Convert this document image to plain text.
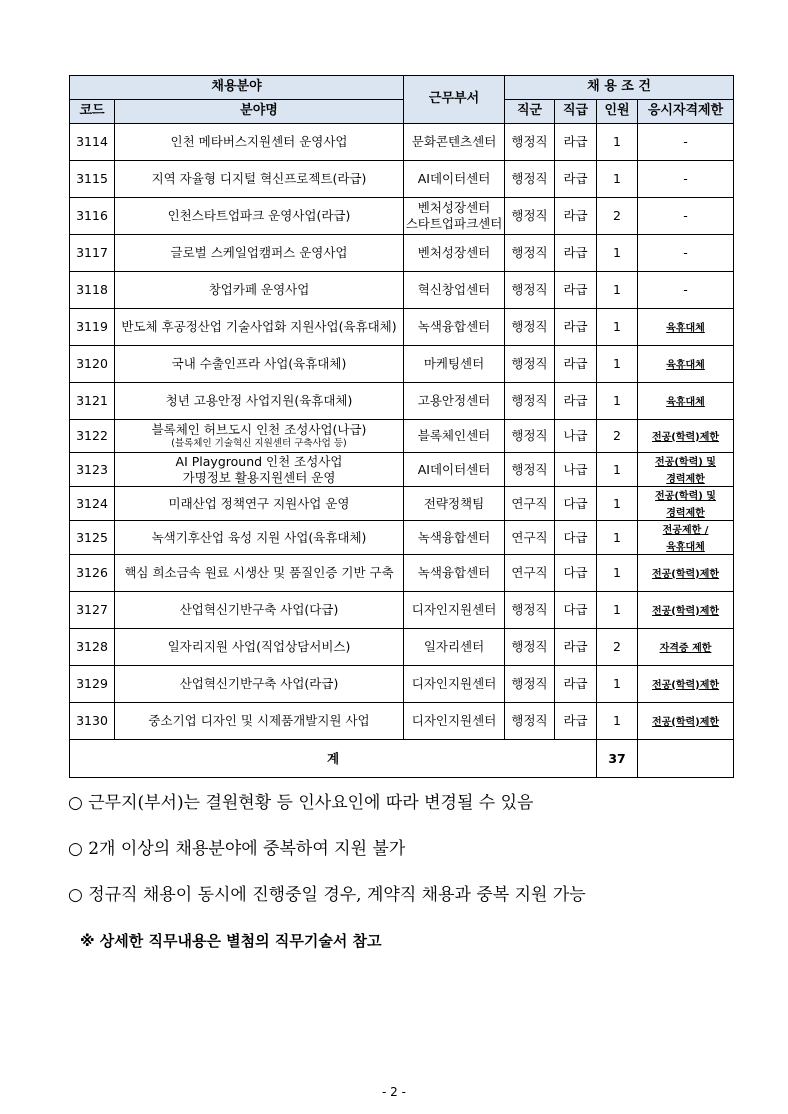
채용분야		근무부서	채 용 조 건			
코드	분야명		직군	직급	인원	응시자격제한
3114	인천 메타버스지원센터 운영사업	문화콘텐츠센터	행정직	라급	1	-
3115	지역 자율형 디지털 혁신프로젝트(라급)	AI데이터센터	행정직	라급	1	-
3116	인천스타트업파크 운영사업(라급)	벤처성장센터
스타트업파크센터	행정직	라급	2	-
3117	글로벌 스케일업캠퍼스 운영사업	벤처성장센터	행정직	라급	1	-
3118	창업카페 운영사업	혁신창업센터	행정직	라급	1	-
3119	반도체 후공정산업 기술사업화 지원사업(육휴대체)	녹색융합센터	행정직	라급	1	육휴대체
3120	국내 수출인프라 사업(육휴대체)	마케팅센터	행정직	라급	1	육휴대체
3121	청년 고용안정 사업지원(육휴대체)	고용안정센터	행정직	라급	1	육휴대체
3122	블록체인 허브도시 인천 조성사업(나급)
(블록체인 기술혁신 지원센터 구축사업 등)	블록체인센터	행정직	나급	2	전공(학력)제한
3123	AI Playground 인천 조성사업
가명정보 활용지원센터 운영	AI데이터센터	행정직	나급	1	전공(학력) 및
경력제한
3124	미래산업 정책연구 지원사업 운영	전략정책팀	연구직	다급	1	전공(학력) 및
경력제한
3125	녹색기후산업 육성 지원 사업(육휴대체)	녹색융합센터	연구직	다급	1	전공제한 /
육휴대체
3126	핵심 희소금속 원료 시생산 및 품질인증 기반 구축	녹색융합센터	연구직	다급	1	전공(학력)제한
3127	산업혁신기반구축 사업(다급)	디자인지원센터	행정직	다급	1	전공(학력)제한
3128	일자리지원 사업(직업상담서비스)	일자리센터	행정직	라급	2	자격증 제한
3129	산업혁신기반구축 사업(라급)	디자인지원센터	행정직	라급	1	전공(학력)제한
3130	중소기업 디자인 및 시제품개발지원 사업	디자인지원센터	행정직	라급	1	전공(학력)제한
계					37	
○ 근무지(부서)는 결원현황 등 인사요인에 따라 변경될 수 있음
○ 2개 이상의 채용분야에 중복하여 지원 불가
○ 정규직 채용이 동시에 진행중일 경우, 계약직 채용과 중복 지원 가능
※ 상세한 직무내용은 별첨의 직무기술서 참고
- 2 -
